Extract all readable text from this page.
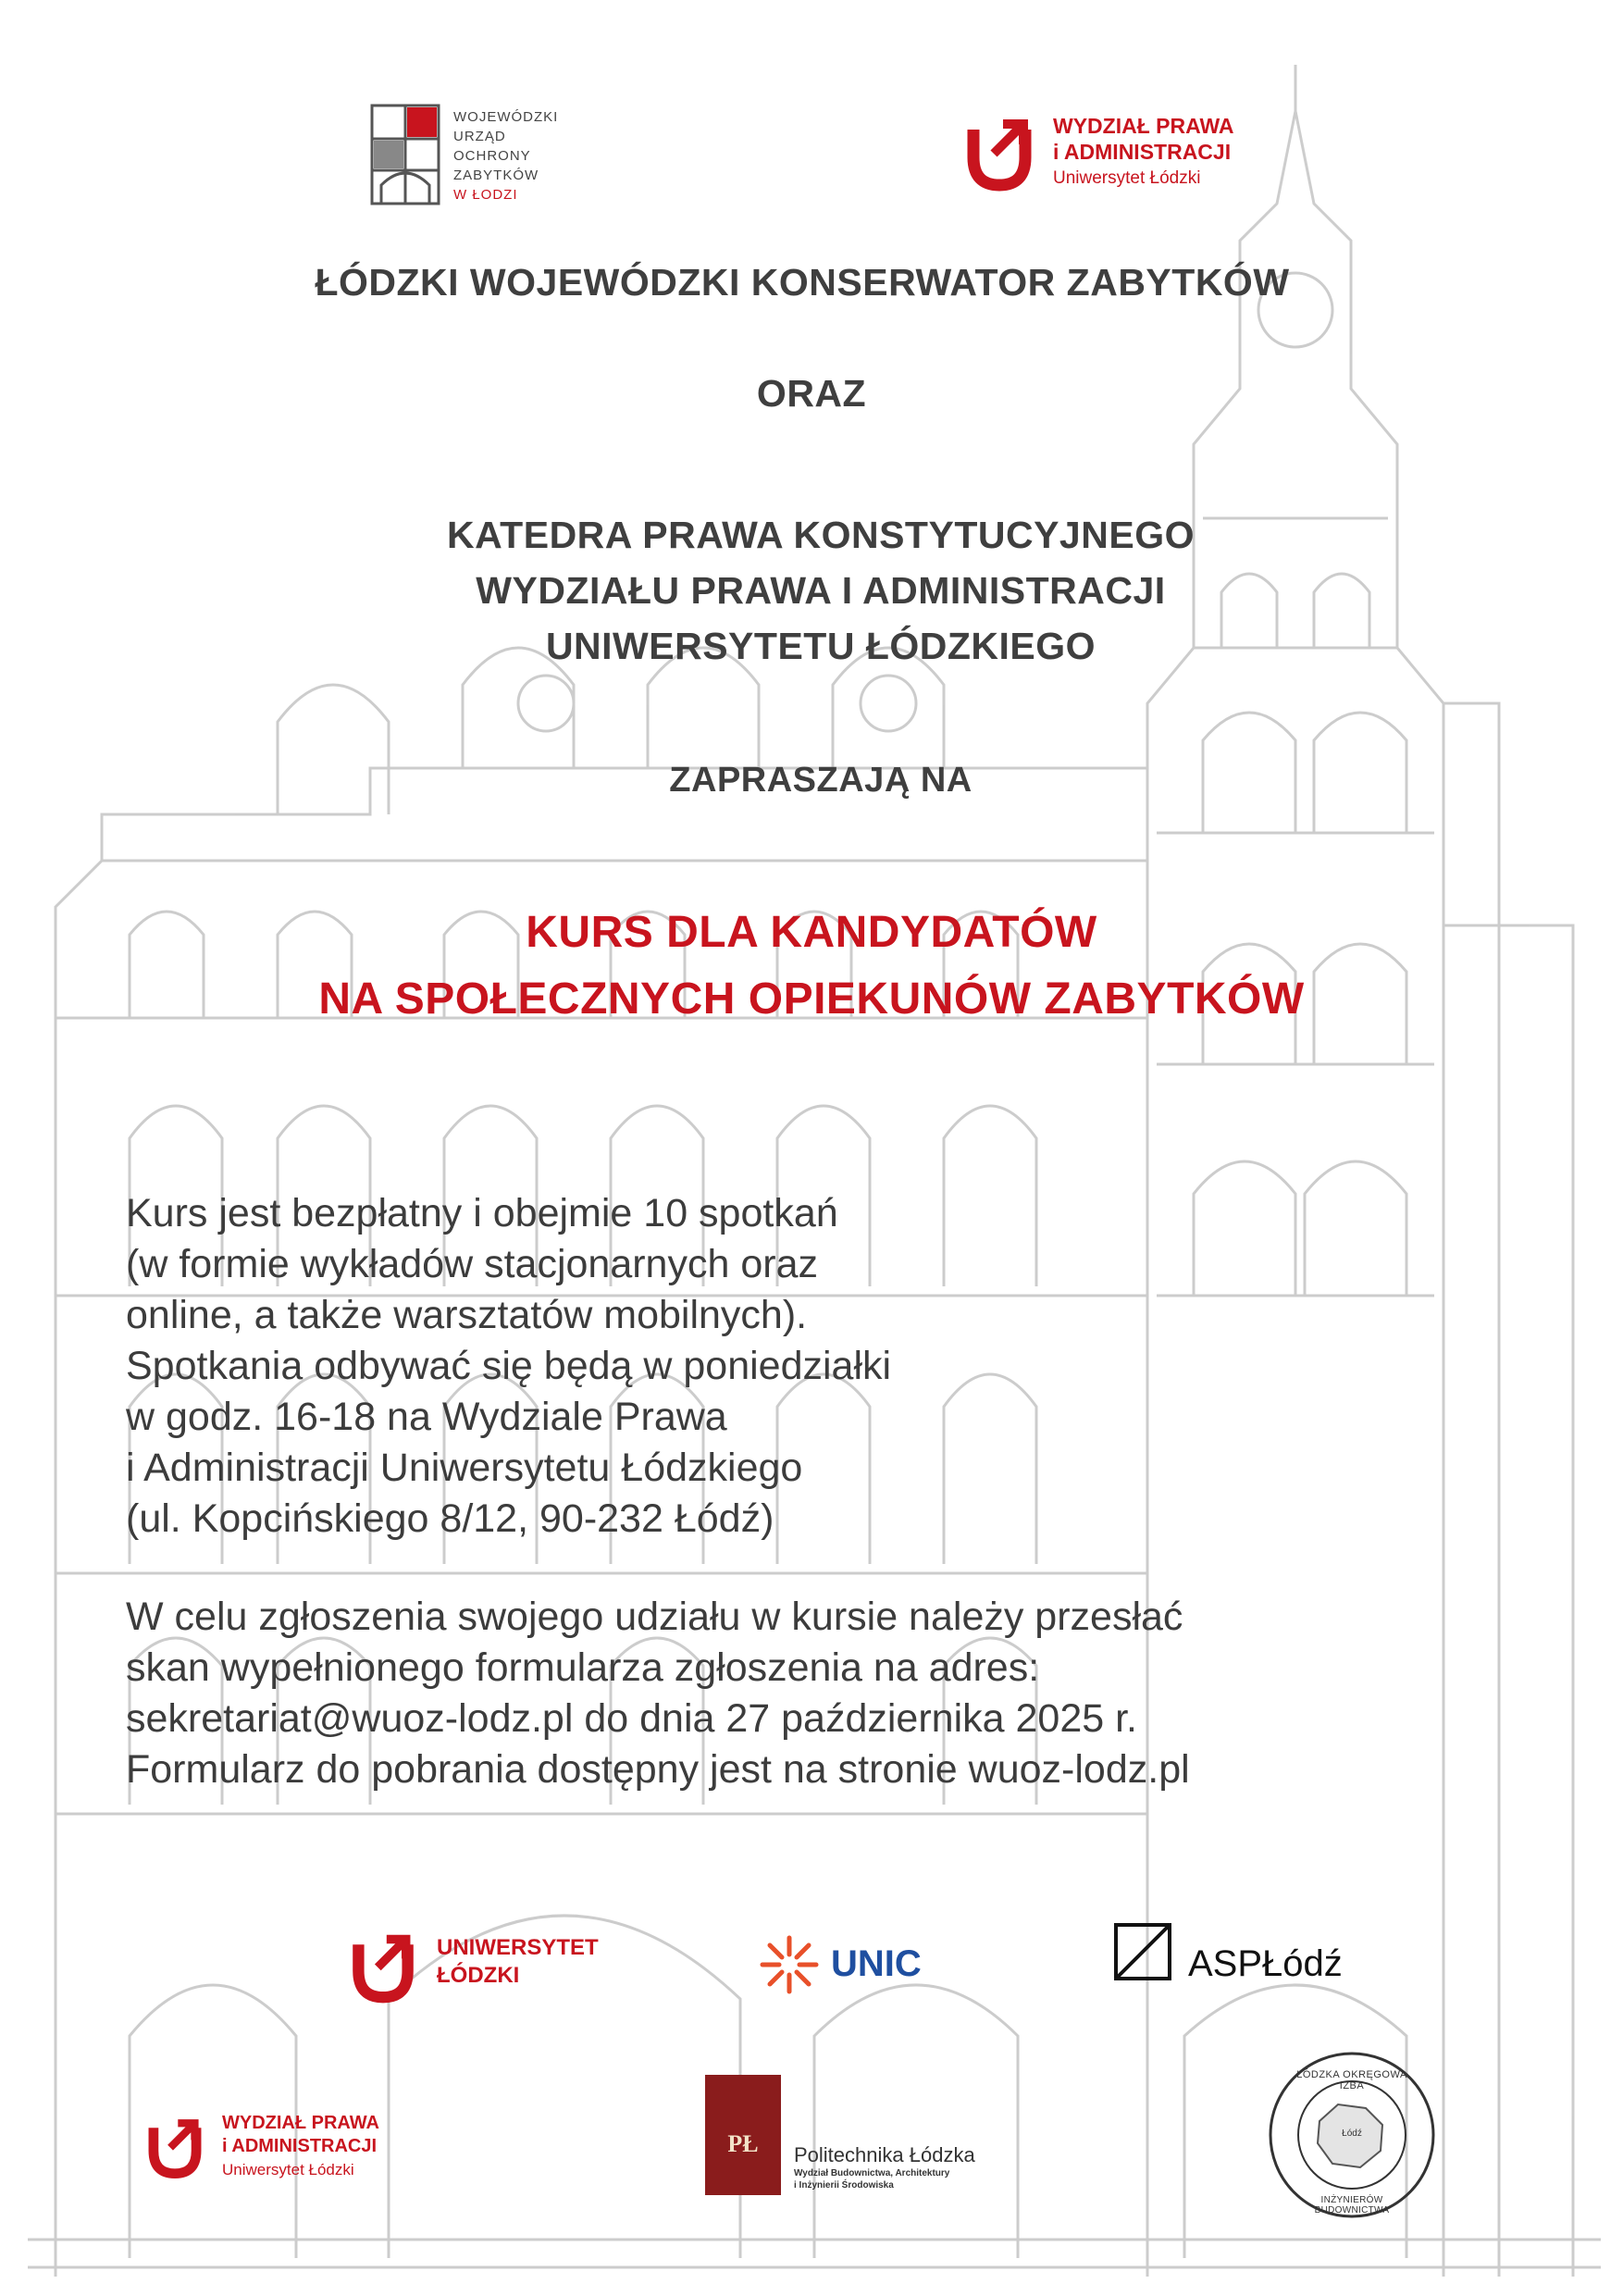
WOJEWÓDZKI
URZĄD
OCHRONY
ZABYTKÓW
W ŁODZI
WYDZIAŁ PRAWA
i ADMINISTRACJI
Uniwersytet Łódzki
ŁÓDZKI WOJEWÓDZKI KONSERWATOR ZABYTKÓW
ORAZ
KATEDRA PRAWA KONSTYTUCYJNEGO
WYDZIAŁU PRAWA I ADMINISTRACJI
UNIWERSYTETU ŁÓDZKIEGO
ZAPRASZAJĄ NA
KURS DLA KANDYDATÓW
NA SPOŁECZNYCH OPIEKUNÓW ZABYTKÓW
Kurs jest bezpłatny i obejmie 10 spotkań
(w formie wykładów stacjonarnych oraz
online, a także warsztatów mobilnych).
Spotkania odbywać się będą w poniedziałki
w godz. 16-18 na Wydziale Prawa
i Administracji Uniwersytetu Łódzkiego
(ul. Kopcińskiego 8/12, 90-232 Łódź)
W celu zgłoszenia swojego udziału w kursie należy przesłać
skan wypełnionego formularza zgłoszenia na adres:
sekretariat@wuoz-lodz.pl do dnia 27 października 2025 r.
Formularz do pobrania dostępny jest na stronie wuoz-lodz.pl
UNIWERSYTET
ŁÓDZKI	UNIC	ASPŁódź
WYDZIAŁ PRAWA
i ADMINISTRACJI
Uniwersytet Łódzki
PŁ	Politechnika Łódzka
Wydział Budownictwa, Architektury
i Inżynierii Środowiska
ŁÓDZKA OKRĘGOWA IZBA
Łódź
INŻYNIERÓW BUDOWNICTWA
